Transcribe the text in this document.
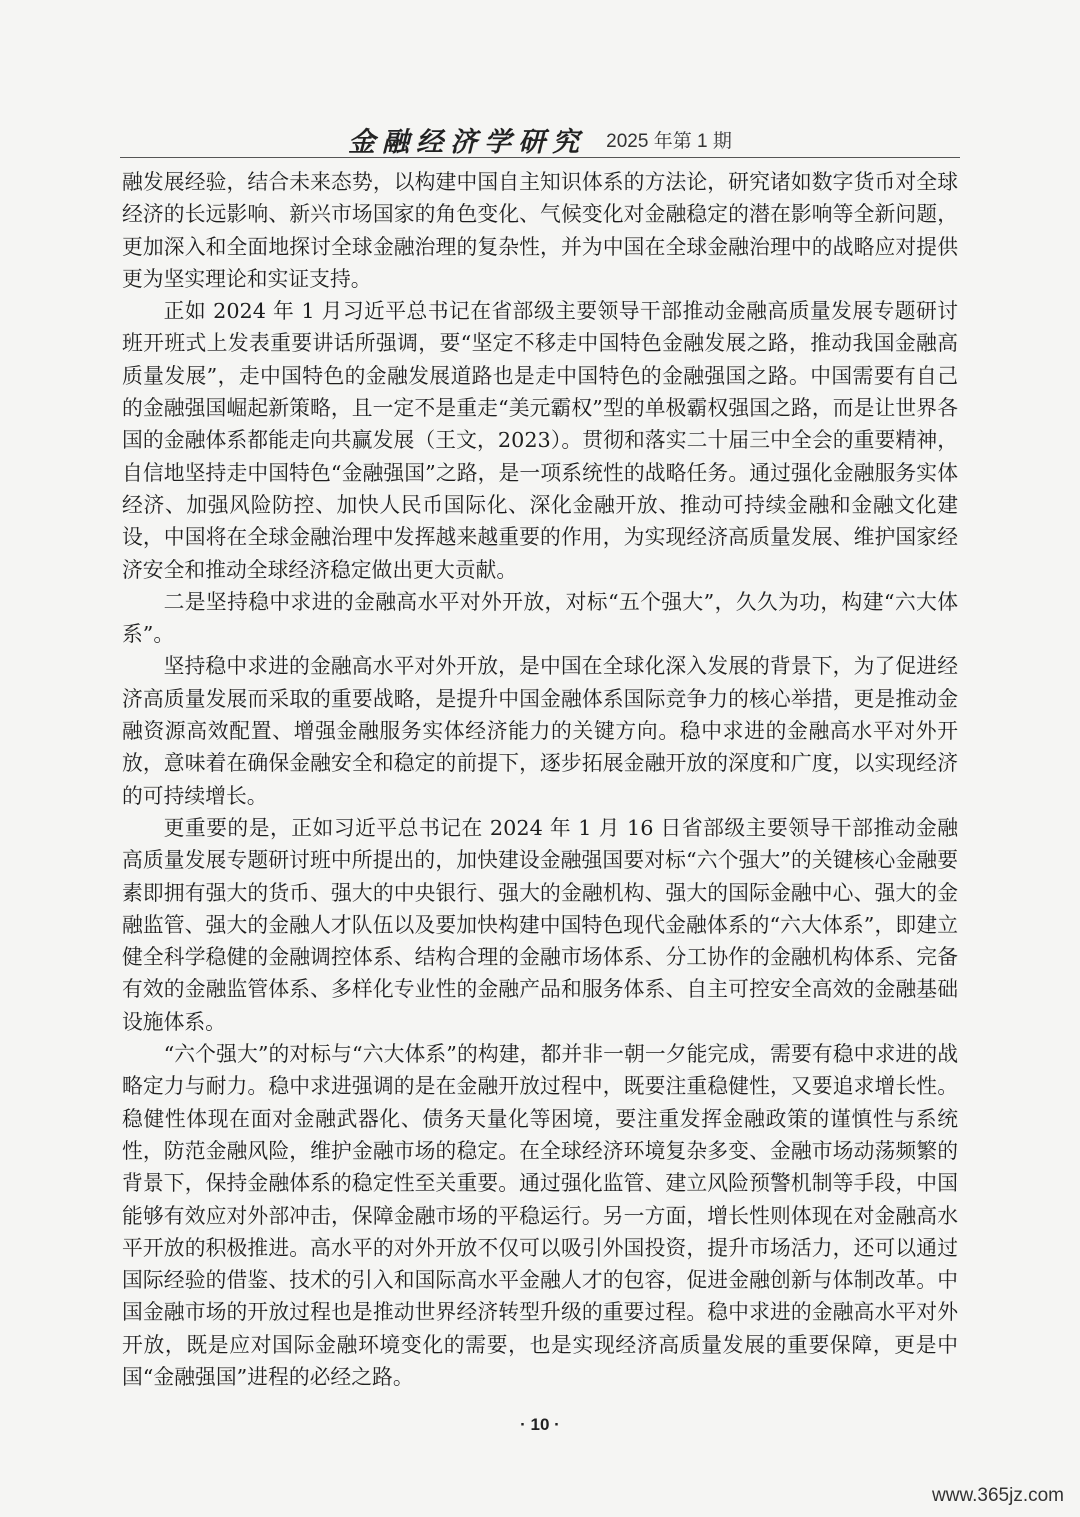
金融经济学研究 2025 年第 1 期

融发展经验，结合未来态势，以构建中国自主知识体系的方法论，研究诸如数字货币对全球经济的长远影响、新兴市场国家的角色变化、气候变化对金融稳定的潜在影响等全新问题，更加深入和全面地探讨全球金融治理的复杂性，并为中国在全球金融治理中的战略应对提供更为坚实理论和实证支持。

正如 2024 年 1 月习近平总书记在省部级主要领导干部推动金融高质量发展专题研讨班开班式上发表重要讲话所强调，要“坚定不移走中国特色金融发展之路，推动我国金融高质量发展”，走中国特色的金融发展道路也是走中国特色的金融强国之路。中国需要有自己的金融强国崛起新策略，且一定不是重走“美元霸权”型的单极霸权强国之路，而是让世界各国的金融体系都能走向共赢发展（王文，2023）。贯彻和落实二十届三中全会的重要精神，自信地坚持走中国特色“金融强国”之路，是一项系统性的战略任务。通过强化金融服务实体经济、加强风险防控、加快人民币国际化、深化金融开放、推动可持续金融和金融文化建设，中国将在全球金融治理中发挥越来越重要的作用，为实现经济高质量发展、维护国家经济安全和推动全球经济稳定做出更大贡献。

二是坚持稳中求进的金融高水平对外开放，对标“五个强大”，久久为功，构建“六大体系”。

坚持稳中求进的金融高水平对外开放，是中国在全球化深入发展的背景下，为了促进经济高质量发展而采取的重要战略，是提升中国金融体系国际竞争力的核心举措，更是推动金融资源高效配置、增强金融服务实体经济能力的关键方向。稳中求进的金融高水平对外开放，意味着在确保金融安全和稳定的前提下，逐步拓展金融开放的深度和广度，以实现经济的可持续增长。

更重要的是，正如习近平总书记在 2024 年 1 月 16 日省部级主要领导干部推动金融高质量发展专题研讨班中所提出的，加快建设金融强国要对标“六个强大”的关键核心金融要素即拥有强大的货币、强大的中央银行、强大的金融机构、强大的国际金融中心、强大的金融监管、强大的金融人才队伍以及要加快构建中国特色现代金融体系的“六大体系”，即建立健全科学稳健的金融调控体系、结构合理的金融市场体系、分工协作的金融机构体系、完备有效的金融监管体系、多样化专业性的金融产品和服务体系、自主可控安全高效的金融基础设施体系。

“六个强大”的对标与“六大体系”的构建，都并非一朝一夕能完成，需要有稳中求进的战略定力与耐力。稳中求进强调的是在金融开放过程中，既要注重稳健性，又要追求增长性。稳健性体现在面对金融武器化、债务天量化等困境，要注重发挥金融政策的谨慎性与系统性，防范金融风险，维护金融市场的稳定。在全球经济环境复杂多变、金融市场动荡频繁的背景下，保持金融体系的稳定性至关重要。通过强化监管、建立风险预警机制等手段，中国能够有效应对外部冲击，保障金融市场的平稳运行。另一方面，增长性则体现在对金融高水平开放的积极推进。高水平的对外开放不仅可以吸引外国投资，提升市场活力，还可以通过国际经验的借鉴、技术的引入和国际高水平金融人才的包容，促进金融创新与体制改革。中国金融市场的开放过程也是推动世界经济转型升级的重要过程。稳中求进的金融高水平对外开放，既是应对国际金融环境变化的需要，也是实现经济高质量发展的重要保障，更是中国“金融强国”进程的必经之路。

· 10 ·
www.365jz.com
